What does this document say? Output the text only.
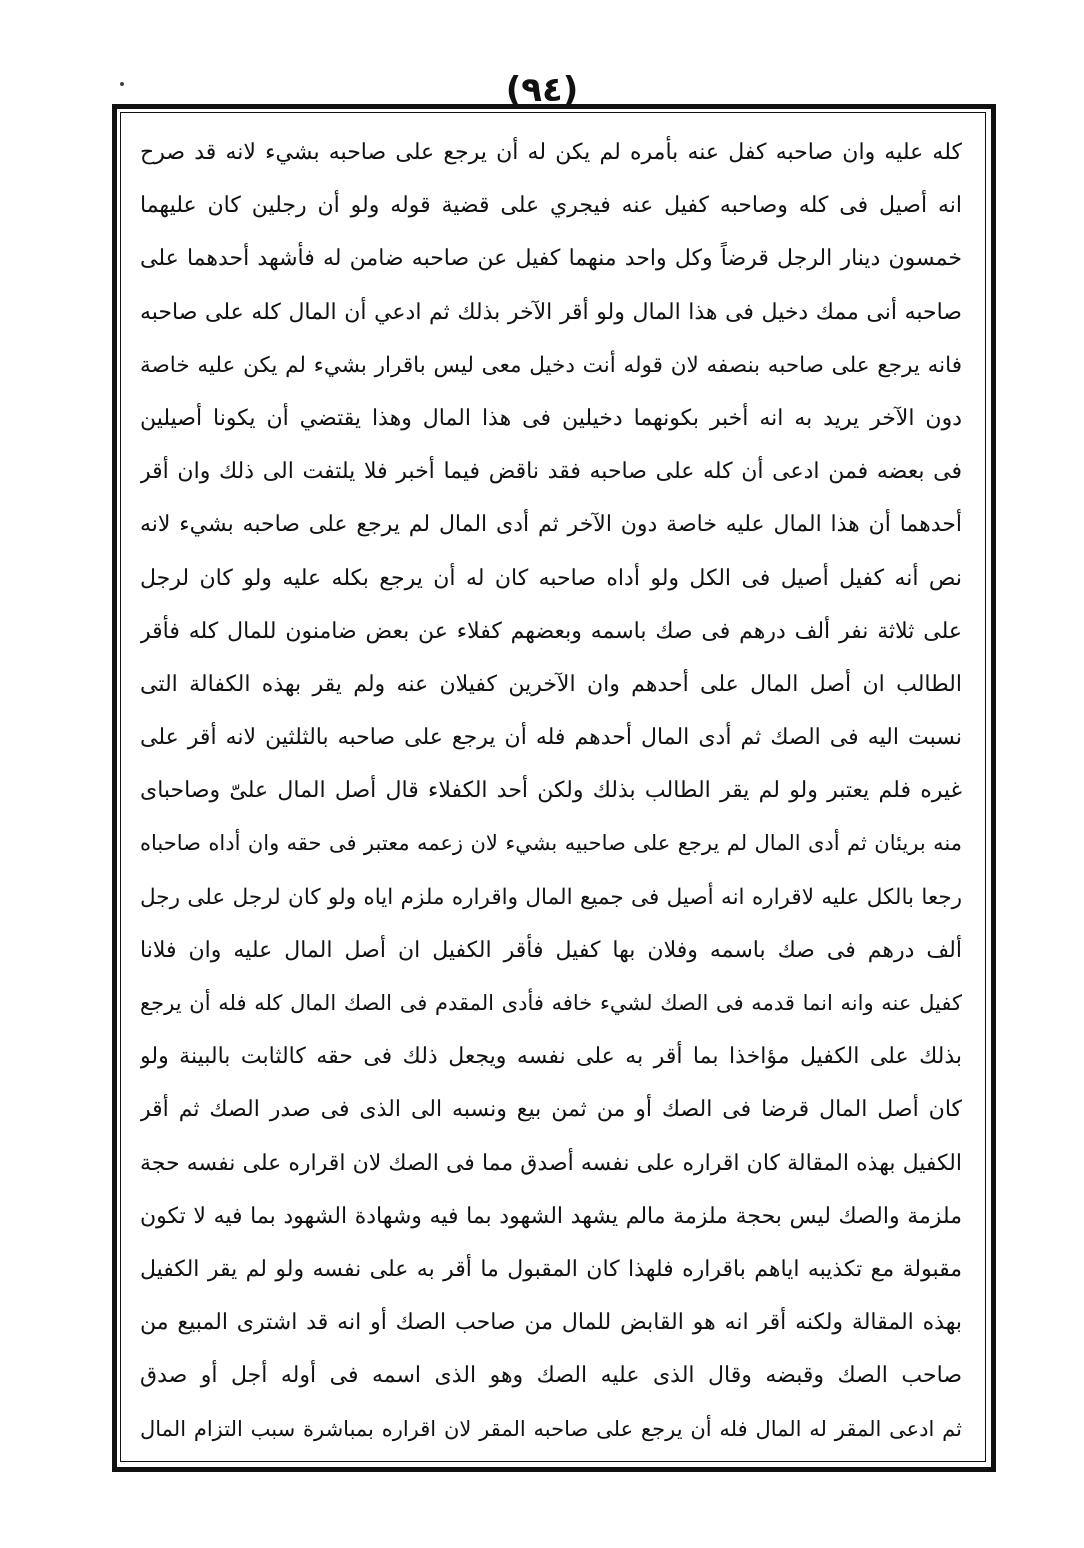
(٩٤)
كله عليه وان صاحبه كفل عنه بأمره لم يكن له أن يرجع على صاحبه بشيء لانه قد صرح
انه أصيل فى كله وصاحبه كفيل عنه فيجري على قضية قوله ولو أن رجلين كان عليهما
خمسون دينار الرجل قرضاً وكل واحد منهما كفيل عن صاحبه ضامن له فأشهد أحدهما على
صاحبه أنى ممك دخيل فى هذا المال ولو أقر الآخر بذلك ثم ادعي أن المال كله على صاحبه
فانه يرجع على صاحبه بنصفه لان قوله أنت دخيل معى ليس باقرار بشيء لم يكن عليه خاصة
دون الآخر يريد به انه أخبر بكونهما دخيلين فى هذا المال وهذا يقتضي أن يكونا أصيلين
فى بعضه فمن ادعى أن كله على صاحبه فقد ناقض فيما أخبر فلا يلتفت الى ذلك وان أقر
أحدهما أن هذا المال عليه خاصة دون الآخر ثم أدى المال لم يرجع على صاحبه بشيء لانه
نص أنه كفيل أصيل فى الكل ولو أداه صاحبه كان له أن يرجع بكله عليه ولو كان لرجل
على ثلاثة نفر ألف درهم فى صك باسمه وبعضهم كفلاء عن بعض ضامنون للمال كله فأقر
الطالب ان أصل المال على أحدهم وان الآخرين كفيلان عنه ولم يقر بهذه الكفالة التى
نسبت اليه فى الصك ثم أدى المال أحدهم فله أن يرجع على صاحبه بالثلثين لانه أقر على
غيره فلم يعتبر ولو لم يقر الطالب بذلك ولكن أحد الكفلاء قال أصل المال علىّ وصاحباى
منه بريئان ثم أدى المال لم يرجع على صاحبيه بشيء لان زعمه معتبر فى حقه وان أداه صاحباه
رجعا بالكل عليه لاقراره انه أصيل فى جميع المال واقراره ملزم اياه ولو كان لرجل على رجل
ألف درهم فى صك باسمه وفلان بها كفيل فأقر الكفيل ان أصل المال عليه وان فلانا
كفيل عنه وانه انما قدمه فى الصك لشيء خافه فأدى المقدم فى الصك المال كله فله أن يرجع
بذلك على الكفيل مؤاخذا بما أقر به على نفسه ويجعل ذلك فى حقه كالثابت بالبينة ولو
كان أصل المال قرضا فى الصك أو من ثمن بيع ونسبه الى الذى فى صدر الصك ثم أقر
الكفيل بهذه المقالة كان اقراره على نفسه أصدق مما فى الصك لان اقراره على نفسه حجة
ملزمة والصك ليس بحجة ملزمة مالم يشهد الشهود بما فيه وشهادة الشهود بما فيه لا تكون
مقبولة مع تكذيبه اياهم باقراره فلهذا كان المقبول ما أقر به على نفسه ولو لم يقر الكفيل
بهذه المقالة ولكنه أقر انه هو القابض للمال من صاحب الصك أو انه قد اشترى المبيع من
صاحب الصك وقبضه وقال الذى عليه الصك وهو الذى اسمه فى أوله أجل أو صدق
ثم ادعى المقر له المال فله أن يرجع على صاحبه المقر لان اقراره بمباشرة سبب التزام المال
